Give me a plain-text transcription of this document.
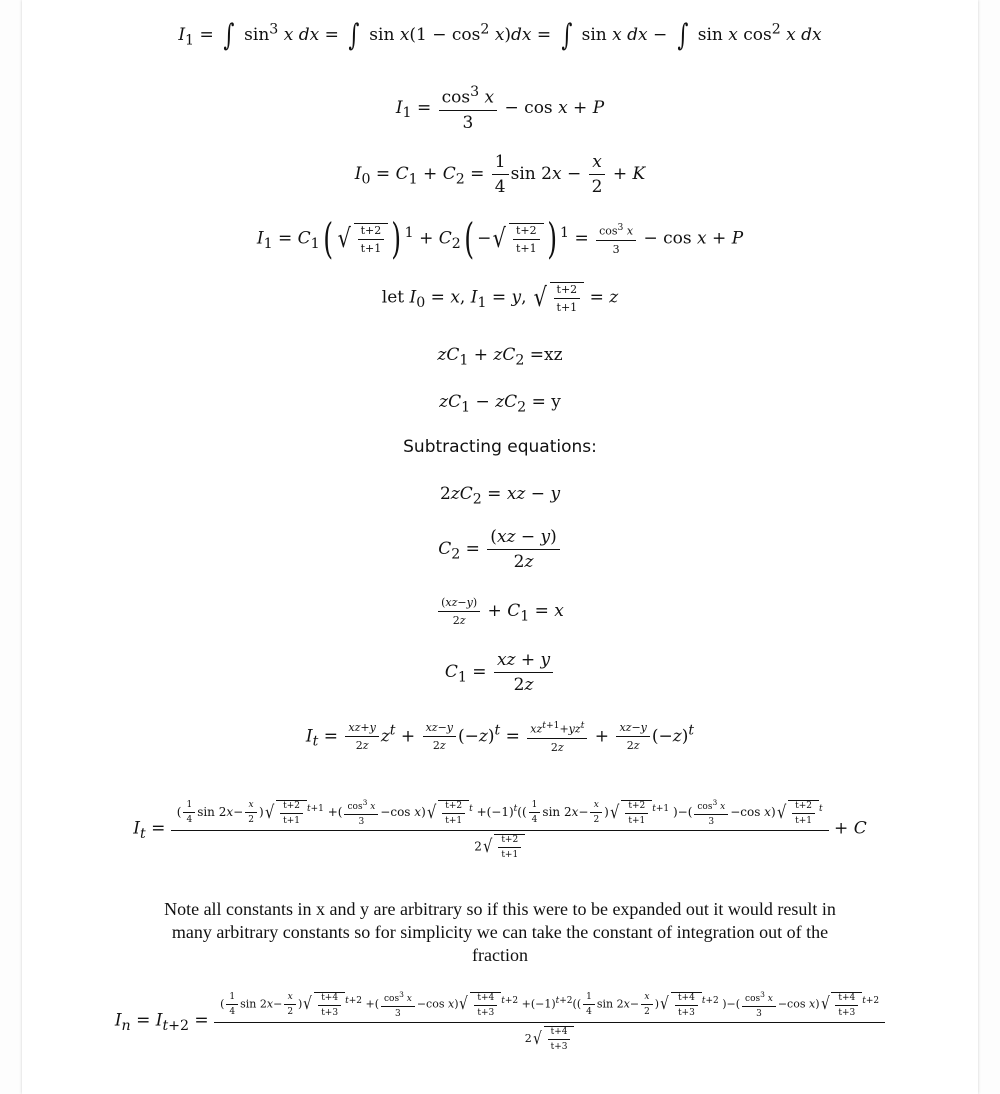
$I_1$ = ∫ $\sin^3 x$ dx = ∫ $\sin x(1 - \cos^2 x)dx$ = ∫ sin x dx − ∫ sin x $\cos^2 x$ dx
$I_1 = \frac{\cos^3 x}{3} - \cos x + P$
$I_0 = C_1 + C_2 = \frac{1}{4}$ $\sin 2x - \frac{x}{2} + K$
$I_1 = C_1$( √ $\frac{t+2}{t+1}$ ) $^1 + C_2$( −√ $\frac{t+2}{t+1}$ ) $^1 = \frac{\cos^3 x}{3} - \cos x + P$
let $I_0 = x$, $I_1 = y$, √ $\frac{t+2}{t+1} = z$
$zC_1 + zC_2 =xz$
$zC_1 - zC_2 = y$
Subtracting equations:
$2zC_2$ = xz − y
$C_2 = \frac{(xz - y)}{2z}$
$\frac{(xz-y)}{2z} + C_1 = x$
$C_1 = \frac{xz + y}{2z}$
$I_t = \frac{xz+y}{2z} z^t + \frac{xz-y}{2z} (-z)^t = \frac{xz^{t+1}+yz^t}{2z} + \frac{xz-y}{2z} (-z)^t$
$I_t$ =
( $\frac{1}{4}$ $\sin 2x- \frac{x}{2}$ )√ $\frac{t+2}{t+1} ^{t+1}$ +( $\frac{\cos^3 x}{3} -\cos$ $x)√ \frac{t+2}{t+1} ^t +(-1)^t(( \frac{1}{4}$ $\sin 2x- \frac{x}{2}$ )√ $\frac{t+2}{t+1} ^{t+1}$ )−( $\frac{\cos^3 x}{3} -\cos$ $x)√ \frac{t+2}{t+1} ^t$
$2√ \frac{t+2}{t+1}$
+ C
Note all constants in x and y are arbitrary so if this were to be expanded out it would result in
many arbitrary constants so for simplicity we can take the constant of integration out of the
fraction
$I_n = I_{t+2}$ =
( $\frac{1}{4}$ $\sin 2x- \frac{x}{2}$ )√ $\frac{t+4}{t+3} ^{t+2}$ +( $\frac{\cos^3 x}{3} -\cos$ $x)√ \frac{t+4}{t+3} ^{t+2} +(-1)^{t+2}(( \frac{1}{4}$ $\sin 2x- \frac{x}{2}$ )√ $\frac{t+4}{t+3} ^{t+2}$ )−( $\frac{\cos^3 x}{3} -\cos$ $x)√ \frac{t+4}{t+3} ^{t+2}$
$2√ \frac{t+4}{t+3}$
